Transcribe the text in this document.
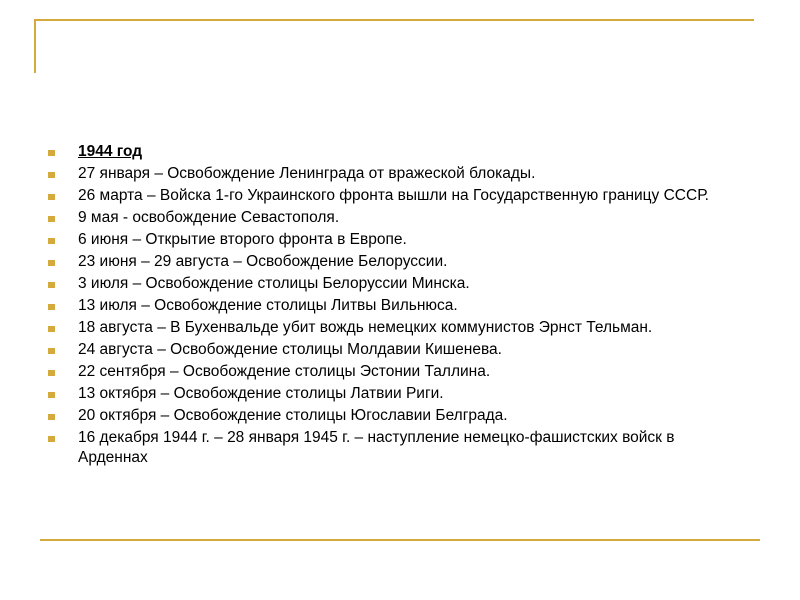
1944 год
27 января – Освобождение Ленинграда от вражеской блокады.
26 марта – Войска 1-го Украинского фронта вышли на Государственную границу СССР.
9 мая - освобождение Севастополя.
6 июня – Открытие второго фронта в Европе.
23 июня – 29 августа – Освобождение Белоруссии.
3 июля – Освобождение столицы Белоруссии Минска.
13 июля – Освобождение столицы Литвы Вильнюса.
18 августа – В Бухенвальде убит вождь немецких коммунистов Эрнст Тельман.
24 августа – Освобождение столицы Молдавии Кишенева.
22 сентября – Освобождение столицы Эстонии Таллина.
13 октября – Освобождение столицы Латвии Риги.
20 октября – Освобождение столицы Югославии Белграда.
16 декабря 1944 г. – 28 января 1945 г. – наступление немецко-фашистских войск в Арденнах
